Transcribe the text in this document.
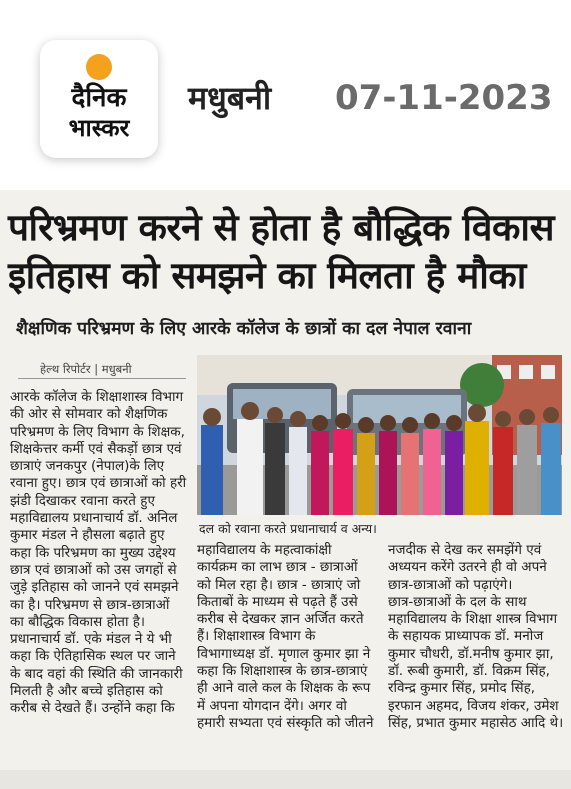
दैनिक
भास्कर
मधुबनी 07-11-2023
परिभ्रमण करने से होता है बौद्धिक विकास
इतिहास को समझने का मिलता है मौका
शैक्षणिक परिभ्रमण के लिए आरके कॉलेज के छात्रों का दल नेपाल रवाना
हेल्थ रिपोर्टर | मधुबनी

आरके कॉलेज के शिक्षाशास्त्र विभाग

की ओर से सोमवार को शैक्षणिक

परिभ्रमण के लिए विभाग के शिक्षक,

शिक्षकेत्तर कर्मी एवं सैकड़ों छात्र एवं

छात्राएं जनकपुर (नेपाल)के लिए

रवाना हुए। छात्र एवं छात्राओं को हरी

झंडी दिखाकर रवाना करते हुए

महाविद्यालय प्रधानाचार्य डॉ. अनिल

कुमार मंडल ने हौसला बढ़ाते हुए

कहा कि परिभ्रमण का मुख्य उद्देश्य

छात्र एवं छात्राओं को उस जगहों से

जुड़े इतिहास को जानने एवं समझने

का है। परिभ्रमण से छात्र-छात्राओं

का बौद्धिक विकास होता है।

प्रधानाचार्य डॉ. एके मंडल ने ये भी

कहा कि ऐतिहासिक स्थल पर जाने

के बाद वहां की स्थिति की जानकारी

मिलती है और बच्चे इतिहास को

करीब से देखते हैं। उन्होंने कहा कि

दल को रवाना करते प्रधानाचार्य व अन्य।

महाविद्यालय के महत्वाकांक्षी

कार्यक्रम का लाभ छात्र - छात्राओं

को मिल रहा है। छात्र - छात्राएं जो

किताबों के माध्यम से पढ़ते हैं उसे

करीब से देखकर ज्ञान अर्जित करते

हैं। शिक्षाशास्त्र विभाग के

विभागाध्यक्ष डॉ. मृणाल कुमार झा ने

कहा कि शिक्षाशास्त्र के छात्र-छात्राएं

ही आने वाले कल के शिक्षक के रूप

में अपना योगदान देंगे। अगर वो

हमारी सभ्यता एवं संस्कृति को जीतने

नजदीक से देख कर समझेंगे एवं

अध्ययन करेंगे उतरने ही वो अपने

छात्र-छात्राओं को पढ़ाएंगे।

छात्र-छात्राओं के दल के साथ

महाविद्यालय के शिक्षा शास्त्र विभाग

के सहायक प्राध्यापक डॉ. मनोज

कुमार चौधरी, डॉ.मनीष कुमार झा,

डॉ. रूबी कुमारी, डॉ. विक्रम सिंह,

रविन्द्र कुमार सिंह, प्रमोद सिंह,

इरफान अहमद, विजय शंकर, उमेश

सिंह, प्रभात कुमार महासेठ आदि थे।
